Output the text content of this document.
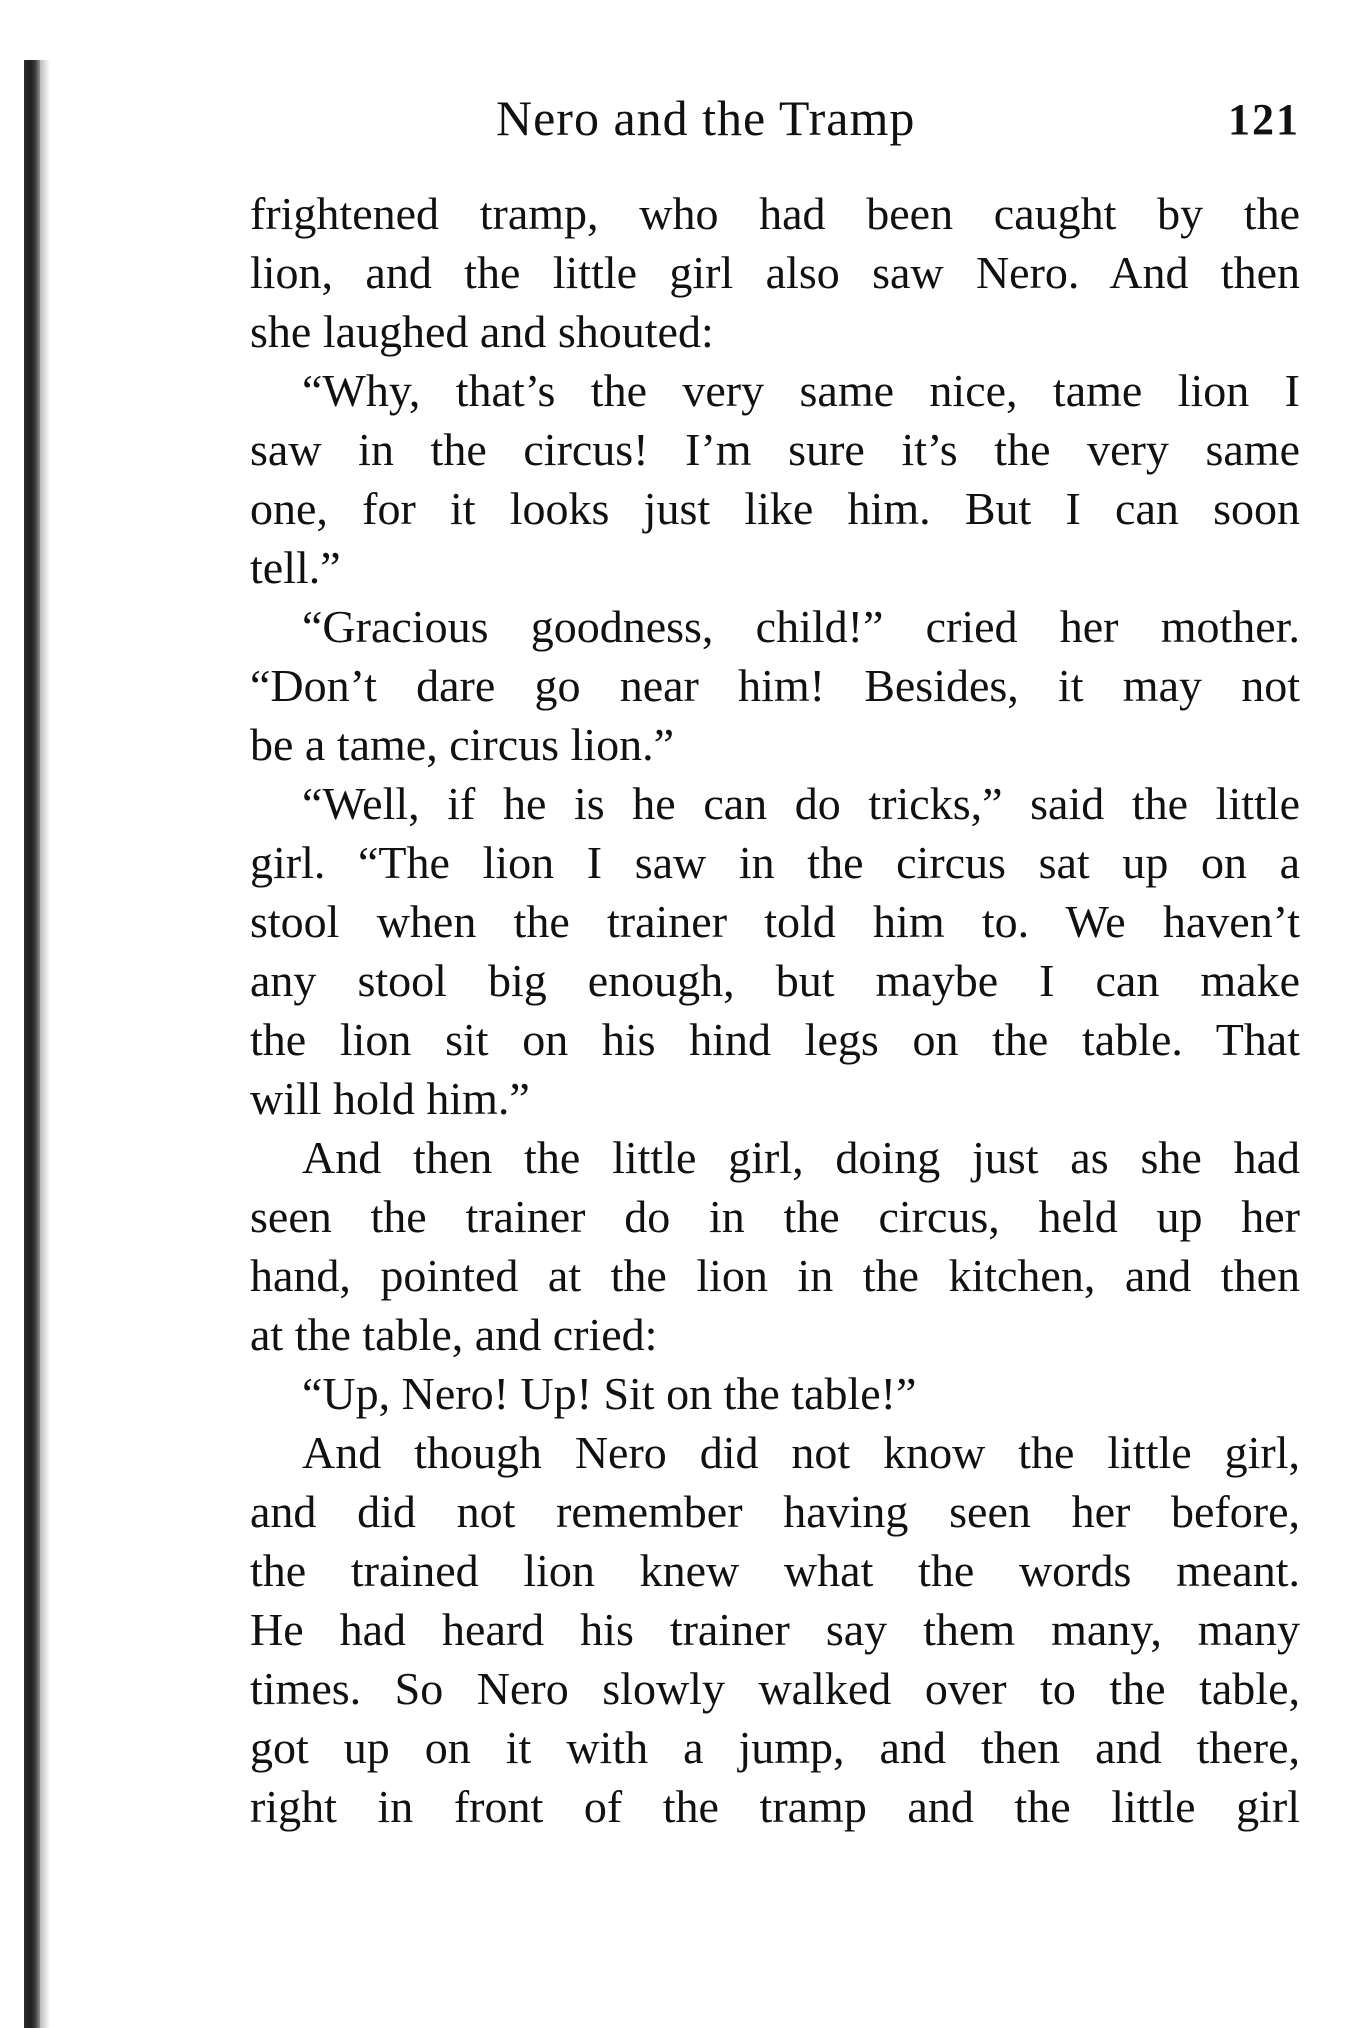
Nero and the Tramp	121
frightened tramp, who had been caught by the
lion, and the little girl also saw Nero. And then
she laughed and shouted:
“Why, that’s the very same nice, tame lion I
saw in the circus! I’m sure it’s the very same
one, for it looks just like him. But I can soon
tell.”
“Gracious goodness, child!” cried her mother.
“Don’t dare go near him! Besides, it may not
be a tame, circus lion.”
“Well, if he is he can do tricks,” said the little
girl. “The lion I saw in the circus sat up on a
stool when the trainer told him to. We haven’t
any stool big enough, but maybe I can make
the lion sit on his hind legs on the table. That
will hold him.”
And then the little girl, doing just as she had
seen the trainer do in the circus, held up her
hand, pointed at the lion in the kitchen, and then
at the table, and cried:
“Up, Nero! Up! Sit on the table!”
And though Nero did not know the little girl,
and did not remember having seen her before,
the trained lion knew what the words meant.
He had heard his trainer say them many, many
times. So Nero slowly walked over to the table,
got up on it with a jump, and then and there,
right in front of the tramp and the little girl
